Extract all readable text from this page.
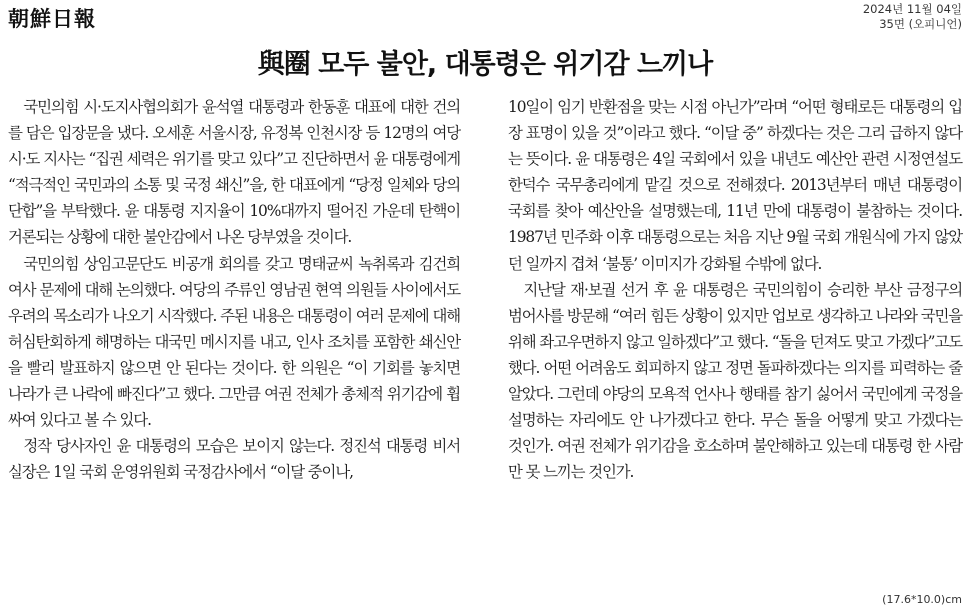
朝鮮日報	2024년 11월 04일
35면 (오피니언)
與圈 모두 불안, 대통령은 위기감 느끼나

국민의힘 시·도지사협의회가 윤석열 대통령과 한동훈 대표에 대한 건의를 담은 입장문을 냈다. 오세훈 서울시장, 유정복 인천시장 등 12명의 여당 시·도 지사는 “집권 세력은 위기를 맞고 있다”고 진단하면서 윤 대통령에게 “적극적인 국민과의 소통 및 국정 쇄신”을, 한 대표에게 “당정 일체와 당의 단합”을 부탁했다. 윤 대통령 지지율이 10%대까지 떨어진 가운데 탄핵이 거론되는 상황에 대한 불안감에서 나온 당부였을 것이다.

국민의힘 상임고문단도 비공개 회의를 갖고 명태균씨 녹취록과 김건희 여사 문제에 대해 논의했다. 여당의 주류인 영남권 현역 의원들 사이에서도 우려의 목소리가 나오기 시작했다. 주된 내용은 대통령이 여러 문제에 대해 허심탄회하게 해명하는 대국민 메시지를 내고, 인사 조치를 포함한 쇄신안을 빨리 발표하지 않으면 안 된다는 것이다. 한 의원은 “이 기회를 놓치면 나라가 큰 나락에 빠진다”고 했다. 그만큼 여권 전체가 총체적 위기감에 휩싸여 있다고 볼 수 있다.

정작 당사자인 윤 대통령의 모습은 보이지 않는다. 정진석 대통령 비서실장은 1일 국회 운영위원회 국정감사에서 “이달 중이나,

10일이 임기 반환점을 맞는 시점 아닌가”라며 “어떤 형태로든 대통령의 입장 표명이 있을 것”이라고 했다. “이달 중” 하겠다는 것은 그리 급하지 않다는 뜻이다. 윤 대통령은 4일 국회에서 있을 내년도 예산안 관련 시정연설도 한덕수 국무총리에게 맡길 것으로 전해졌다. 2013년부터 매년 대통령이 국회를 찾아 예산안을 설명했는데, 11년 만에 대통령이 불참하는 것이다. 1987년 민주화 이후 대통령으로는 처음 지난 9월 국회 개원식에 가지 않았던 일까지 겹쳐 ‘불통’ 이미지가 강화될 수밖에 없다.

지난달 재·보궐 선거 후 윤 대통령은 국민의힘이 승리한 부산 금정구의 범어사를 방문해 “여러 힘든 상황이 있지만 업보로 생각하고 나라와 국민을 위해 좌고우면하지 않고 일하겠다”고 했다. “돌을 던져도 맞고 가겠다”고도 했다. 어떤 어려움도 회피하지 않고 정면 돌파하겠다는 의지를 피력하는 줄 알았다. 그런데 야당의 모욕적 언사나 행태를 참기 싫어서 국민에게 국정을 설명하는 자리에도 안 나가겠다고 한다. 무슨 돌을 어떻게 맞고 가겠다는 것인가. 여권 전체가 위기감을 호소하며 불안해하고 있는데 대통령 한 사람만 못 느끼는 것인가.

(17.6*10.0)cm
